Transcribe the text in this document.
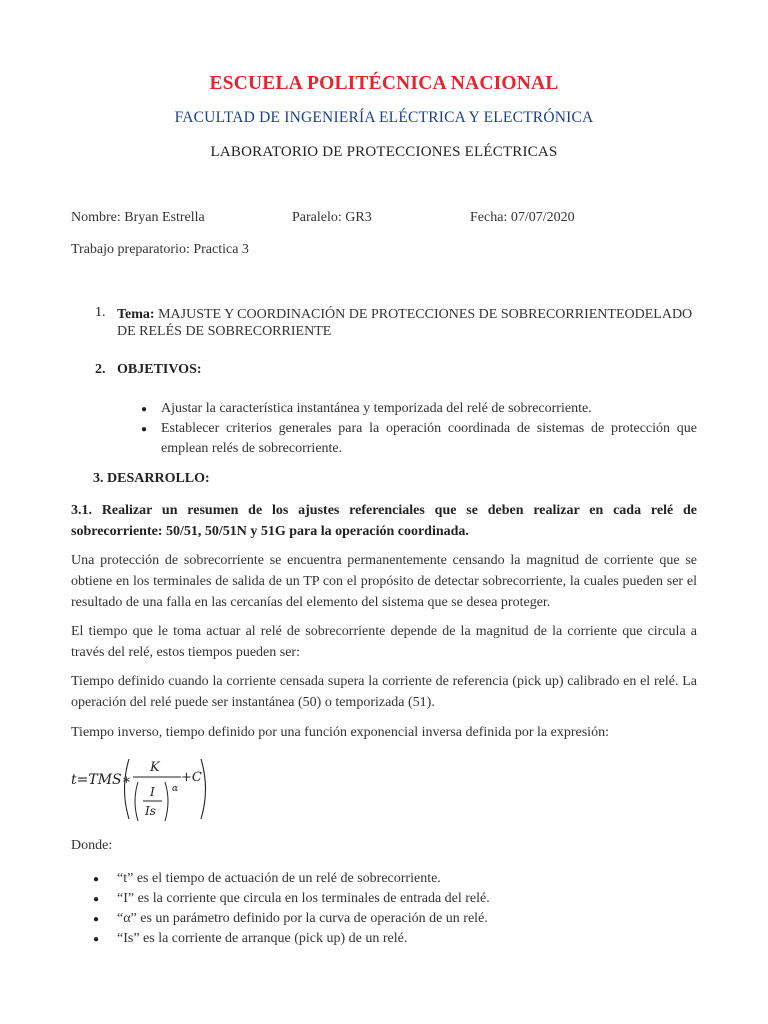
ESCUELA POLITÉCNICA NACIONAL
FACULTAD DE INGENIERÍA ELÉCTRICA Y ELECTRÓNICA
LABORATORIO DE PROTECCIONES ELÉCTRICAS
Nombre: Bryan Estrella	Paralelo: GR3	Fecha: 07/07/2020
Trabajo preparatorio: Practica 3
1. Tema: MAJUSTE Y COORDINACIÓN DE PROTECCIONES DE SOBRECORRIENTEODELADO
DE RELÉS DE SOBRECORRIENTE
2. OBJETIVOS:
● Ajustar la característica instantánea y temporizada del relé de sobrecorriente.
● Establecer criterios generales para la operación coordinada de sistemas de protección que emplean relés de sobrecorriente.
3. DESARROLLO:
3.1. Realizar un resumen de los ajustes referenciales que se deben realizar en cada relé de sobrecorriente: 50/51, 50/51N y 51G para la operación coordinada.
Una protección de sobrecorriente se encuentra permanentemente censando la magnitud de corriente que se obtiene en los terminales de salida de un TP con el propósito de detectar sobrecorriente, la cuales pueden ser el resultado de una falla en las cercanías del elemento del sistema que se desea proteger.
El tiempo que le toma actuar al relé de sobrecorriente depende de la magnitud de la corriente que circula a través del relé, estos tiempos pueden ser:
Tiempo definido cuando la corriente censada supera la corriente de referencia (pick up) calibrado en el relé. La operación del relé puede ser instantánea (50) o temporizada (51).
Tiempo inverso, tiempo definido por una función exponencial inversa definida por la expresión:
t=TMS∗
K
I
Is
α
+C
Donde:
● “t” es el tiempo de actuación de un relé de sobrecorriente.
● “I” es la corriente que circula en los terminales de entrada del relé.
● “α” es un parámetro definido por la curva de operación de un relé.
● “Is” es la corriente de arranque (pick up) de un relé.
